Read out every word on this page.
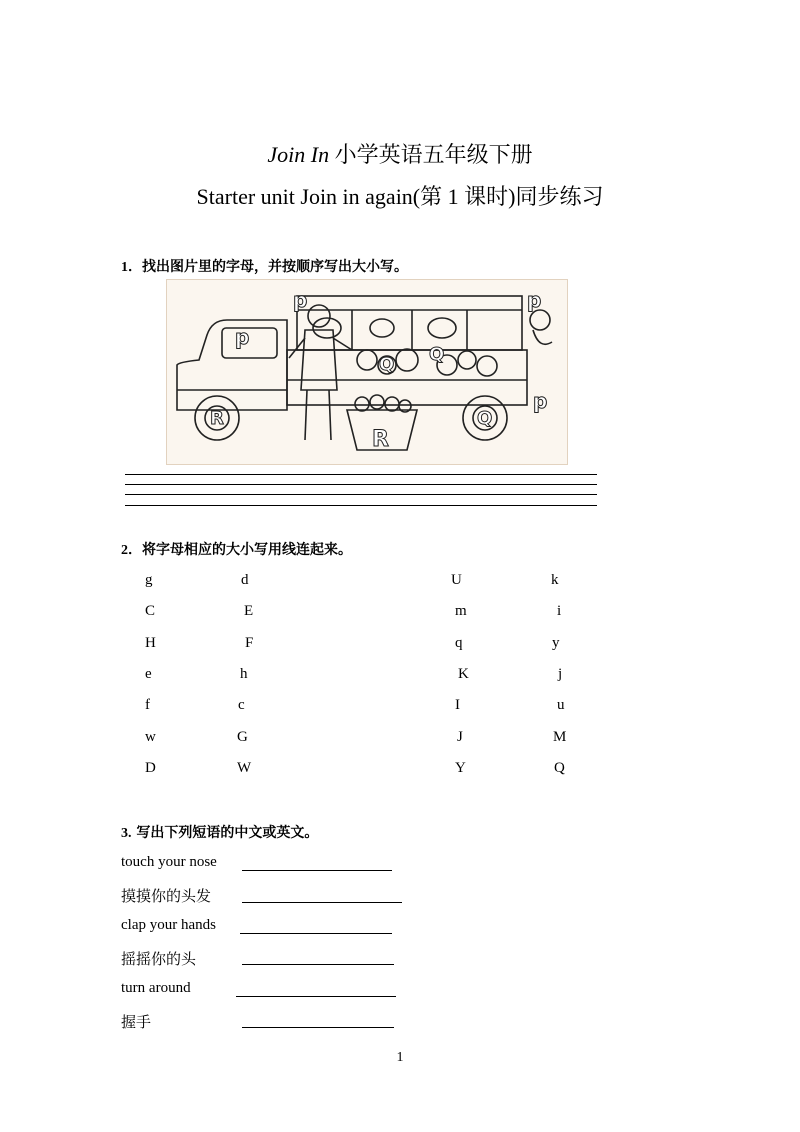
Join In 小学英语五年级下册
Starter unit Join in again(第 1 课时)同步练习
1．找出图片里的字母，并按顺序写出大小写。
p	p
p
p
R
R
Q
Q Q
2．将字母相应的大小写用线连起来。
g
C
H
e
f
w
D
d
E
F
h
c
G
W
U
m
q
K
I
J
Y
k
i
y
j
u
M
Q
3. 写出下列短语的中文或英文。
touch your nose
摸摸你的头发
clap your hands
摇摇你的头
turn around
握手
1
